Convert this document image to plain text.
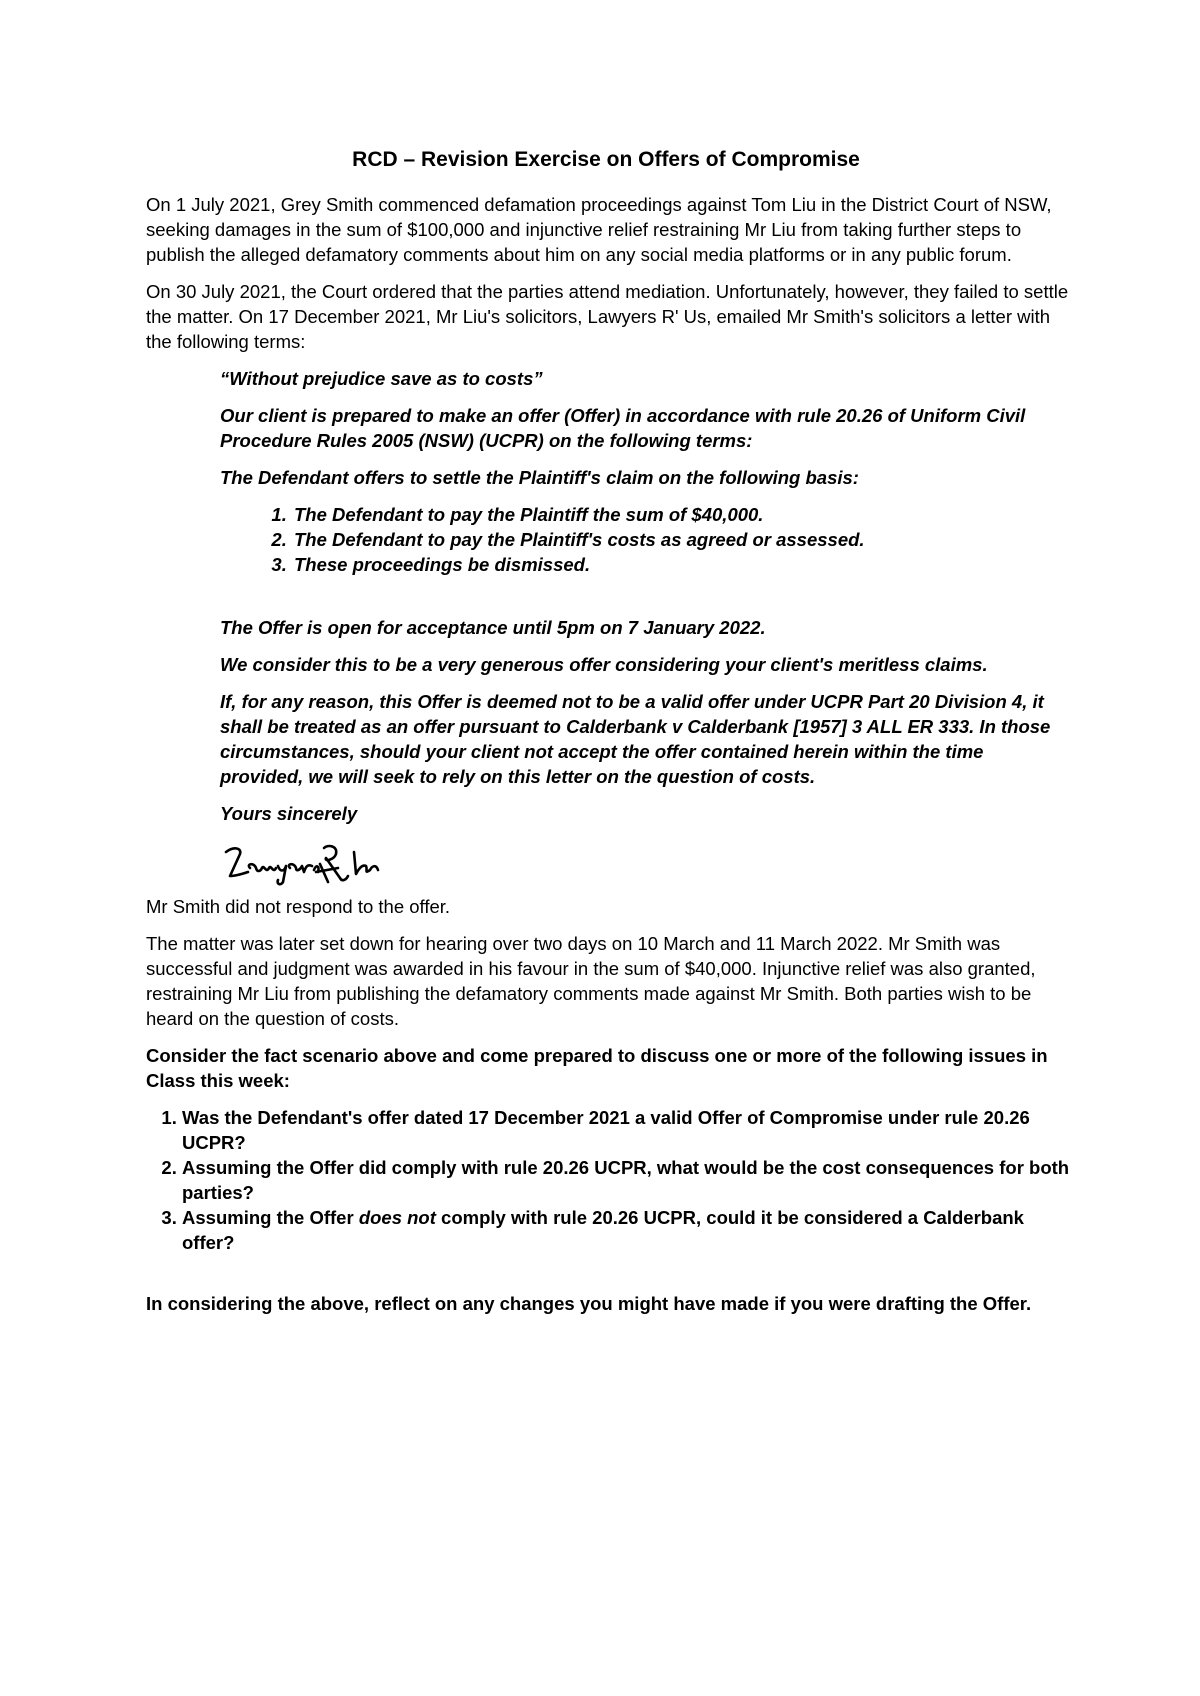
RCD – Revision Exercise on Offers of Compromise

On 1 July 2021, Grey Smith commenced defamation proceedings against Tom Liu in the District Court of NSW, seeking damages in the sum of $100,000 and injunctive relief restraining Mr Liu from taking further steps to publish the alleged defamatory comments about him on any social media platforms or in any public forum.

On 30 July 2021, the Court ordered that the parties attend mediation. Unfortunately, however, they failed to settle the matter. On 17 December 2021, Mr Liu's solicitors, Lawyers R' Us, emailed Mr Smith's solicitors a letter with the following terms:

“Without prejudice save as to costs”

Our client is prepared to make an offer (Offer) in accordance with rule 20.26 of Uniform Civil Procedure Rules 2005 (NSW) (UCPR) on the following terms:

The Defendant offers to settle the Plaintiff's claim on the following basis:

1. The Defendant to pay the Plaintiff the sum of $40,000.
2. The Defendant to pay the Plaintiff's costs as agreed or assessed.
3. These proceedings be dismissed.

The Offer is open for acceptance until 5pm on 7 January 2022.

We consider this to be a very generous offer considering your client's meritless claims.

If, for any reason, this Offer is deemed not to be a valid offer under UCPR Part 20 Division 4, it shall be treated as an offer pursuant to Calderbank v Calderbank [1957] 3 ALL ER 333. In those circumstances, should your client not accept the offer contained herein within the time provided, we will seek to rely on this letter on the question of costs.

Yours sincerely

Mr Smith did not respond to the offer.

The matter was later set down for hearing over two days on 10 March and 11 March 2022. Mr Smith was successful and judgment was awarded in his favour in the sum of $40,000. Injunctive relief was also granted, restraining Mr Liu from publishing the defamatory comments made against Mr Smith. Both parties wish to be heard on the question of costs.

Consider the fact scenario above and come prepared to discuss one or more of the following issues in Class this week:

1. Was the Defendant's offer dated 17 December 2021 a valid Offer of Compromise under rule 20.26 UCPR?
2. Assuming the Offer did comply with rule 20.26 UCPR, what would be the cost consequences for both parties?
3. Assuming the Offer does not comply with rule 20.26 UCPR, could it be considered a Calderbank offer?

In considering the above, reflect on any changes you might have made if you were drafting the Offer.
